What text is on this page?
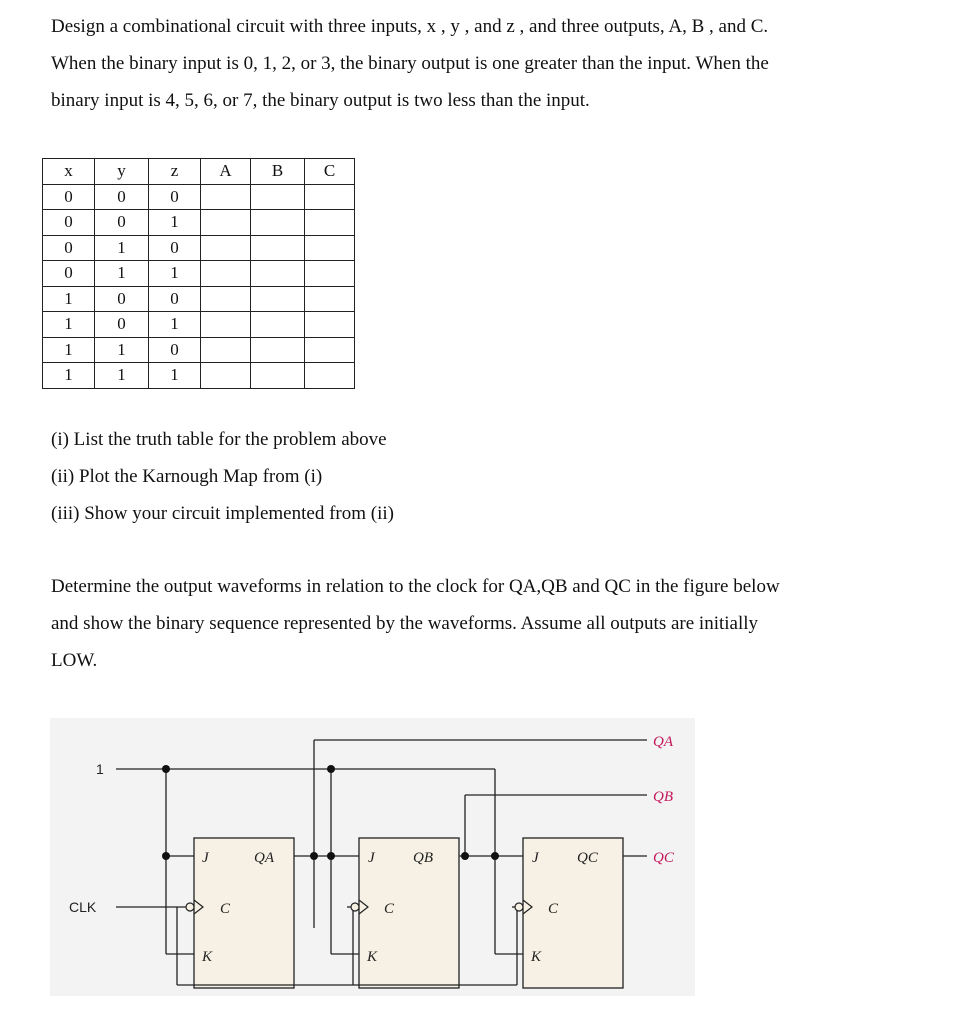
Design a combinational circuit with three inputs, x , y , and z , and three outputs, A, B , and C.
When the binary input is 0, 1, 2, or 3, the binary output is one greater than the input. When the
binary input is 4, 5, 6, or 7, the binary output is two less than the input.
x	y	z	A	B	C
0	0	0			
0	0	1			
0	1	0			
0	1	1			
1	0	0			
1	0	1			
1	1	0			
1	1	1			
(i) List the truth table for the problem above
(ii) Plot the Karnough Map from (i)
(iii) Show your circuit implemented from (ii)
Determine the output waveforms in relation to the clock for QA,QB and QC in the figure below
and show the binary sequence represented by the waveforms. Assume all outputs are initially
LOW.
1
CLK
J
C
K
QA	J
C
K
QB	J
C
K
QC
QA
QB
QC
